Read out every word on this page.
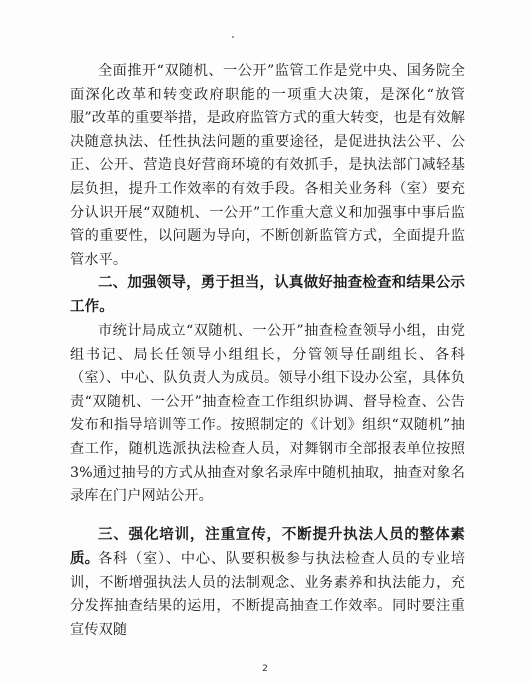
全面推开“双随机、一公开”监管工作是党中央、国务院全面深化改革和转变政府职能的一项重大决策，是深化“放管服”改革的重要举措，是政府监管方式的重大转变，也是有效解决随意执法、任性执法问题的重要途径，是促进执法公平、公正、公开、营造良好营商环境的有效抓手，是执法部门减轻基层负担，提升工作效率的有效手段。各相关业务科（室）要充分认识开展“双随机、一公开”工作重大意义和加强事中事后监管的重要性，以问题为导向，不断创新监管方式，全面提升监管水平。
二、加强领导，勇于担当，认真做好抽查检查和结果公示工作。
市统计局成立“双随机、一公开”抽查检查领导小组，由党组书记、局长任领导小组组长，分管领导任副组长、各科（室）、中心、队负责人为成员。领导小组下设办公室，具体负责“双随机、一公开”抽查检查工作组织协调、督导检查、公告发布和指导培训等工作。按照制定的《计划》组织“双随机”抽查工作，随机选派执法检查人员，对舞钢市全部报表单位按照3%通过抽号的方式从抽查对象名录库中随机抽取，抽查对象名录库在门户网站公开。
三、强化培训，注重宣传，不断提升执法人员的整体素质。
各科（室）、中心、队要积极参与执法检查人员的专业培训，不断增强执法人员的法制观念、业务素养和执法能力，充分发挥抽查结果的运用，不断提高抽查工作效率。同时要注重宣传双随
2
